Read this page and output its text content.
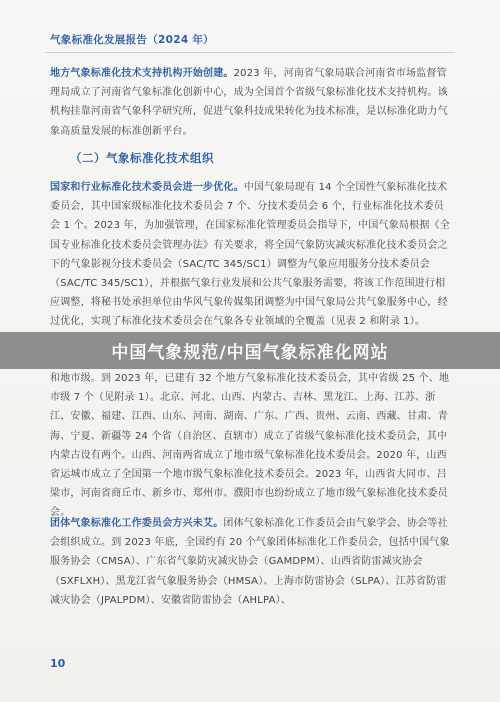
气象标准化发展报告（2024 年）

地方气象标准化技术支持机构开始创建。2023 年，河南省气象局联合河南省市场监督管理局成立了河南省气象标准化创新中心，成为全国首个省级气象标准化技术支持机构。该机构挂靠河南省气象科学研究所，促进气象科技成果转化为技术标准，是以标准化助力气象高质量发展的标准创新平台。

（二）气象标准化技术组织

国家和行业标准化技术委员会进一步优化。中国气象局现有 14 个全国性气象标准化技术委员会，其中国家级标准化技术委员会 7 个、分技术委员会 6 个，行业标准化技术委员会 1 个。2023 年，为加强管理，在国家标准化管理委员会指导下，中国气象局根据《全国专业标准化技术委员会管理办法》有关要求，将全国气象防灾减灾标准化技术委员会之下的气象影视分技术委员会（SAC/TC 345/SC1）调整为气象应用服务分技术委员会（SAC/TC 345/SC1），并根据气象行业发展和公共气象服务需要，将该工作范围进行相应调整，将秘书处承担单位由华风气象传媒集团调整为中国气象局公共气象服务中心，经过优化，实现了标准化技术委员会在气象各专业领域的全覆盖（见表 2 和附录 1）。

和地市级。到 2023 年，已建有 32 个地方气象标准化技术委员会，其中省级 25 个、地市级 7 个（见附录 1）。北京、河北、山西、内蒙古、吉林、黑龙江、上海、江苏、浙江、安徽、福建、江西、山东、河南、湖南、广东、广西、贵州、云南、西藏、甘肃、青海、宁夏、新疆等 24 个省（自治区、直辖市）成立了省级气象标准化技术委员会，其中内蒙古设有两个。山西、河南两省成立了地市级气象标准化技术委员会。2020 年，山西省运城市成立了全国第一个地市级气象标准化技术委员会。2023 年，山西省大同市、吕梁市，河南省商丘市、新乡市、郑州市、濮阳市也纷纷成立了地市级气象标准化技术委员会。

团体气象标准化工作委员会方兴未艾。团体气象标准化工作委员会由气象学会、协会等社会组织成立。到 2023 年底，全国约有 20 个气象团体标准化工作委员会，包括中国气象服务协会（CMSA）、广东省气象防灾减灾协会（GAMDPM）、山西省防雷减灾协会（SXFLXH）、黑龙江省气象服务协会（HMSA）、上海市防雷协会（SLPA）、江苏省防雷减灾协会（JPALPDM）、安徽省防雷协会（AHLPA）、

10
中国气象规范/中国气象标准化网站
